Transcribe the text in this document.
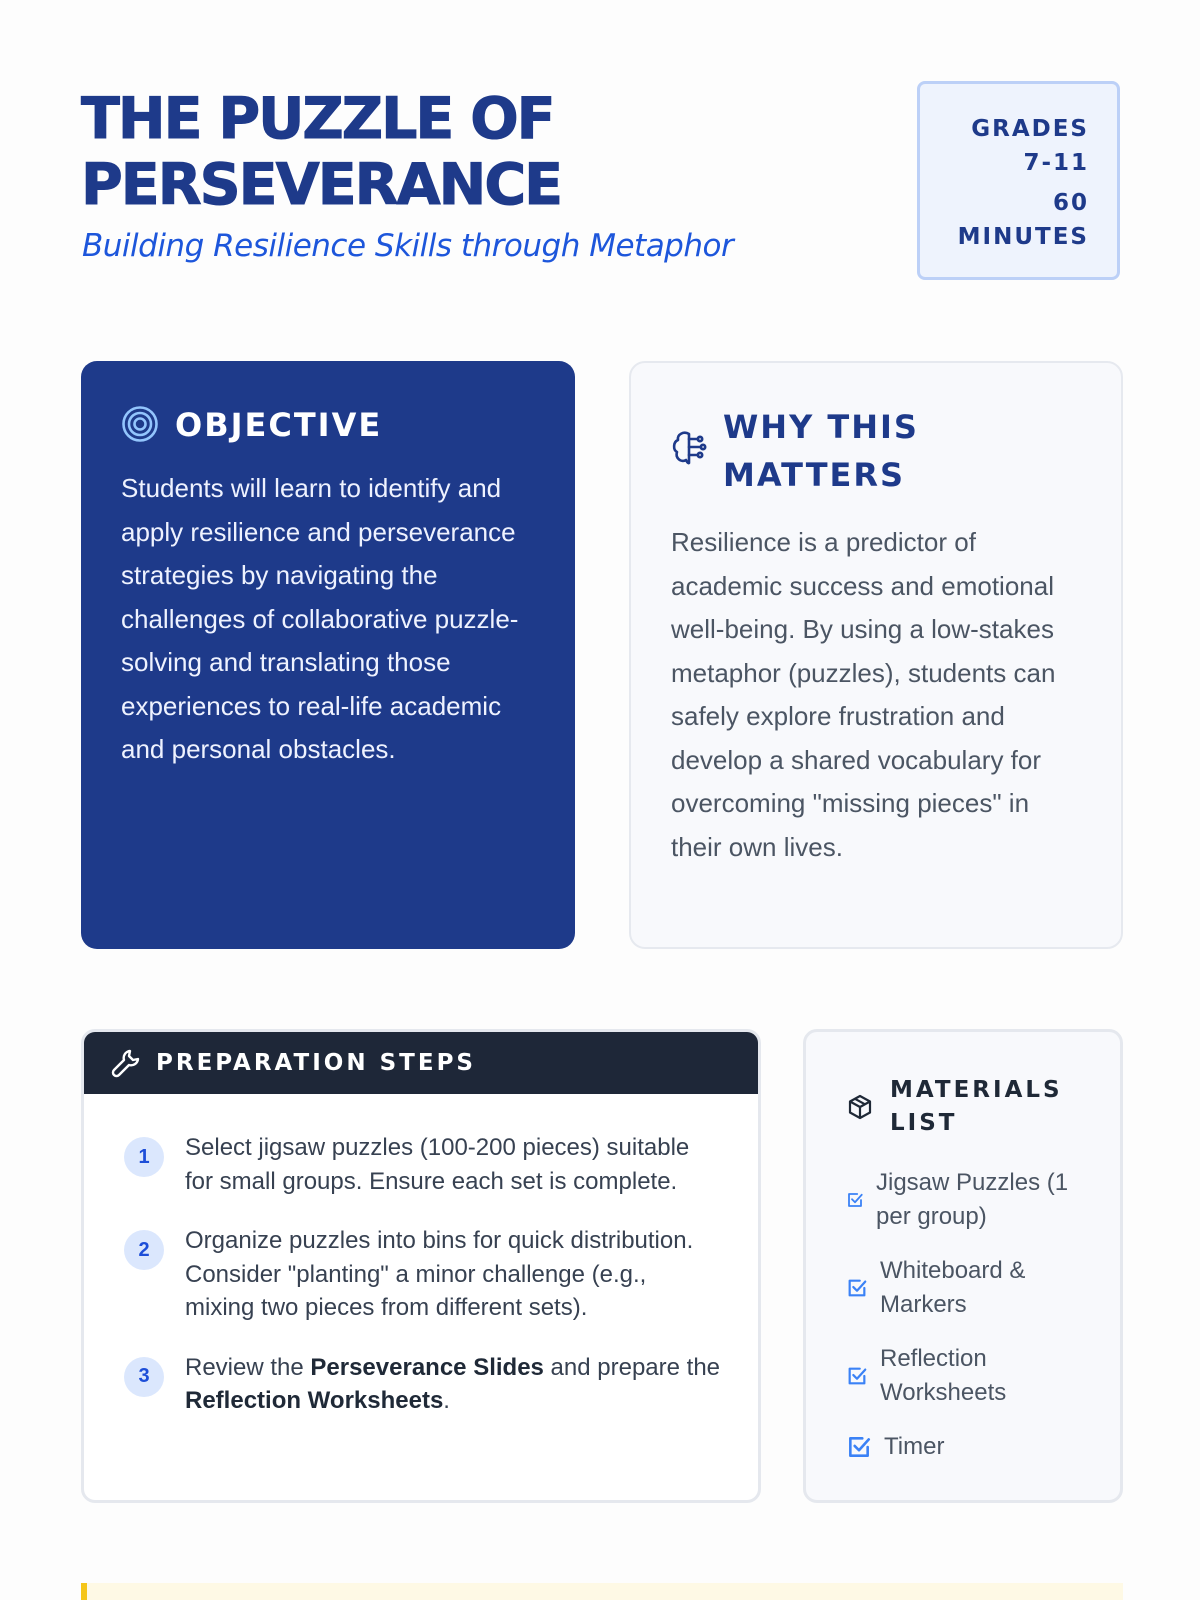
THE PUZZLE OF
PERSEVERANCE
Building Resilience Skills through Metaphor
GRADES
7-11
60
MINUTES
OBJECTIVE

Students will learn to identify and apply resilience and perseverance strategies by navigating the challenges of collaborative puzzle-solving and translating those experiences to real-life academic and personal obstacles.

WHY THIS
MATTERS

Resilience is a predictor of academic success and emotional well-being. By using a low-stakes metaphor (puzzles), students can safely explore frustration and develop a shared vocabulary for overcoming "missing pieces" in their own lives.

PREPARATION STEPS
1	Select jigsaw puzzles (100-200 pieces) suitable for small groups. Ensure each set is complete.
2	Organize puzzles into bins for quick distribution. Consider "planting" a minor challenge (e.g., mixing two pieces from different sets).
3	Review the Perseverance Slides and prepare the Reflection Worksheets.
MATERIALS
LIST
Jigsaw Puzzles (1 per group)
Whiteboard & Markers
Reflection Worksheets
Timer
